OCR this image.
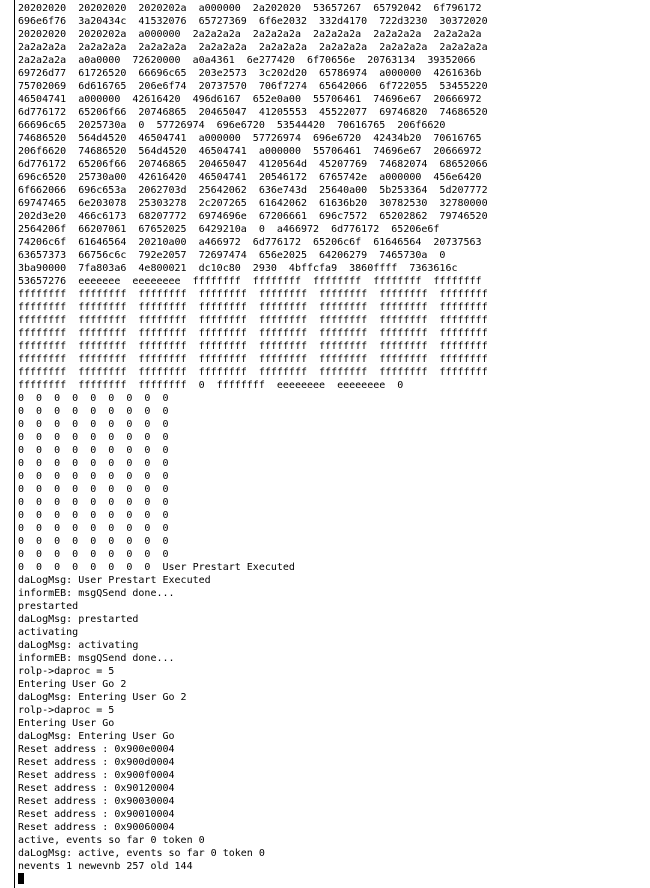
20202020  20202020  2020202a  a000000  2a202020  53657267  65792042  6f796172
696e6f76  3a20434c  41532076  65727369  6f6e2032  332d4170  722d3230  30372020
20202020  2020202a  a000000  2a2a2a2a  2a2a2a2a  2a2a2a2a  2a2a2a2a  2a2a2a2a
2a2a2a2a  2a2a2a2a  2a2a2a2a  2a2a2a2a  2a2a2a2a  2a2a2a2a  2a2a2a2a  2a2a2a2a
2a2a2a2a  a0a0000  72620000  a0a4361  6e277420  6f70656e  20763134  39352066
69726d77  61726520  66696c65  203e2573  3c202d20  65786974  a000000  4261636b
75702069  6d616765  206e6f74  20737570  706f7274  65642066  6f722055  53455220
46504741  a000000  42616420  496d6167  652e0a00  55706461  74696e67  20666972
6d776172  65206f66  20746865  20465047  41205553  45522077  69746820  74686520
66696c65  2025730a  0  57726974  696e6720  53544420  70616765  206f6620
74686520  564d4520  46504741  a000000  57726974  696e6720  42434b20  70616765
206f6620  74686520  564d4520  46504741  a000000  55706461  74696e67  20666972
6d776172  65206f66  20746865  20465047  4120564d  45207769  74682074  68652066
696c6520  25730a00  42616420  46504741  20546172  6765742e  a000000  456e6420
6f662066  696c653a  2062703d  25642062  636e743d  25640a00  5b253364  5d207772
69747465  6e203078  25303278  2c207265  61642062  61636b20  30782530  32780000
202d3e20  466c6173  68207772  6974696e  67206661  696c7572  65202862  79746520
2564206f  66207061  67652025  6429210a  0  a466972  6d776172  65206e6f
74206c6f  61646564  20210a00  a466972  6d776172  65206c6f  61646564  20737563
63657373  66756c6c  792e2057  72697474  656e2025  64206279  7465730a  0
3ba90000  7fa803a6  4e800021  dc10c80  2930  4bffcfa9  3860ffff  7363616c
53657276  eeeeeee  eeeeeeee  ffffffff  ffffffff  ffffffff  ffffffff  ffffffff
ffffffff  ffffffff  ffffffff  ffffffff  ffffffff  ffffffff  ffffffff  ffffffff
ffffffff  ffffffff  ffffffff  ffffffff  ffffffff  ffffffff  ffffffff  ffffffff
ffffffff  ffffffff  ffffffff  ffffffff  ffffffff  ffffffff  ffffffff  ffffffff
ffffffff  ffffffff  ffffffff  ffffffff  ffffffff  ffffffff  ffffffff  ffffffff
ffffffff  ffffffff  ffffffff  ffffffff  ffffffff  ffffffff  ffffffff  ffffffff
ffffffff  ffffffff  ffffffff  ffffffff  ffffffff  ffffffff  ffffffff  ffffffff
ffffffff  ffffffff  ffffffff  ffffffff  ffffffff  ffffffff  ffffffff  ffffffff
ffffffff  ffffffff  ffffffff  0  ffffffff  eeeeeeee  eeeeeeee  0
0  0  0  0  0  0  0  0  0
0  0  0  0  0  0  0  0  0
0  0  0  0  0  0  0  0  0
0  0  0  0  0  0  0  0  0
0  0  0  0  0  0  0  0  0
0  0  0  0  0  0  0  0  0
0  0  0  0  0  0  0  0  0
0  0  0  0  0  0  0  0  0
0  0  0  0  0  0  0  0  0
0  0  0  0  0  0  0  0  0
0  0  0  0  0  0  0  0  0
0  0  0  0  0  0  0  0  0
0  0  0  0  0  0  0  0  0
0  0  0  0  0  0  0  0  User Prestart Executed
daLogMsg: User Prestart Executed
informEB: msgQSend done...
prestarted
daLogMsg: prestarted
activating
daLogMsg: activating
informEB: msgQSend done...
rolp->daproc = 5
Entering User Go 2
daLogMsg: Entering User Go 2
rolp->daproc = 5
Entering User Go
daLogMsg: Entering User Go
Reset address : 0x900e0004
Reset address : 0x900d0004
Reset address : 0x900f0004
Reset address : 0x90120004
Reset address : 0x90030004
Reset address : 0x90010004
Reset address : 0x90060004
active, events so far 0 token 0
daLogMsg: active, events so far 0 token 0
nevents 1 newevnb 257 old 144
